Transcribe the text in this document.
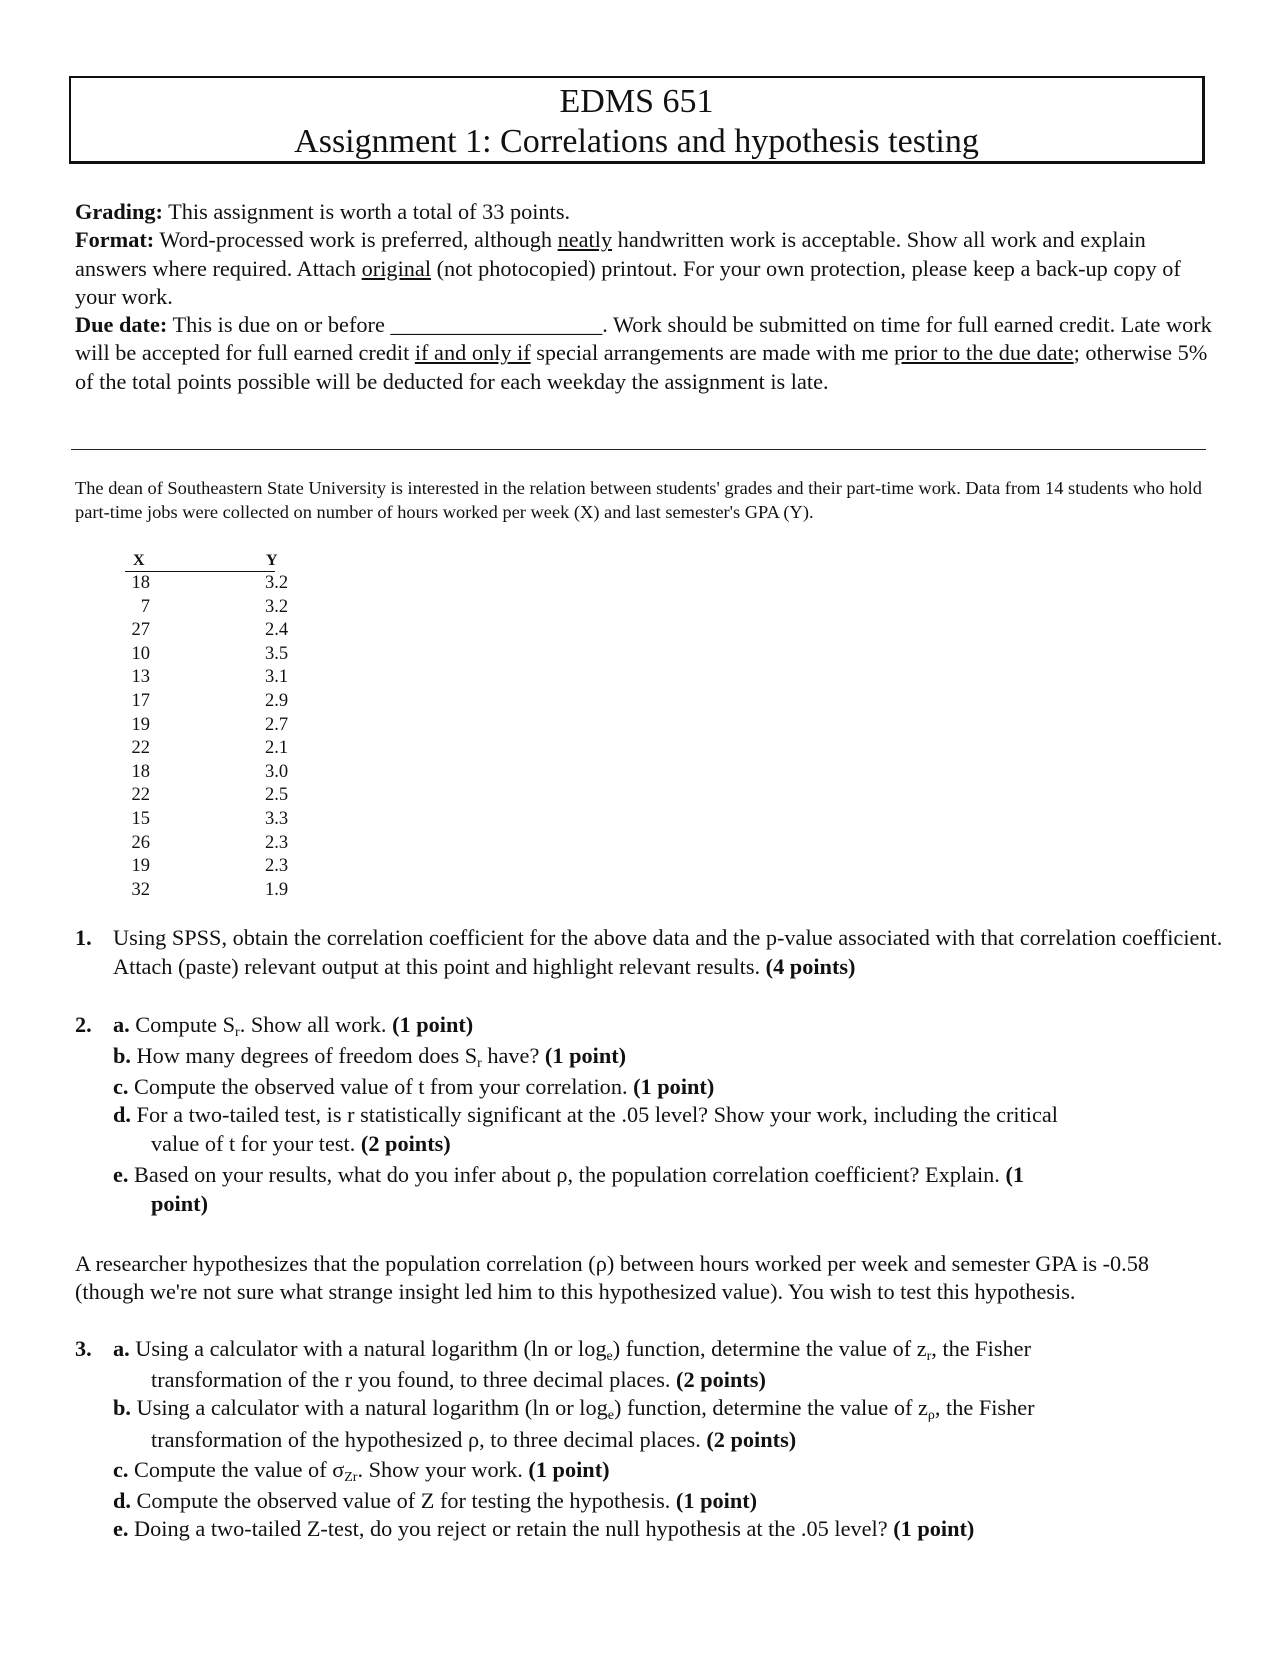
EDMS 651
Assignment 1: Correlations and hypothesis testing

Grading: This assignment is worth a total of 33 points.

Format: Word-processed work is preferred, although neatly handwritten work is acceptable. Show all work and explain answers where required. Attach original (not photocopied) printout. For your own protection, please keep a back-up copy of your work.

Due date: This is due on or before ___________________. Work should be submitted on time for full earned credit. Late work will be accepted for full earned credit if and only if special arrangements are made with me prior to the due date; otherwise 5% of the total points possible will be deducted for each weekday the assignment is late.

The dean of Southeastern State University is interested in the relation between students' grades and their part-time work. Data from 14 students who hold part-time jobs were collected on number of hours worked per week (X) and last semester's GPA (Y).
X	Y
18	3.2
7	3.2
27	2.4
10	3.5
13	3.1
17	2.9
19	2.7
22	2.1
18	3.0
22	2.5
15	3.3
26	2.3
19	2.3
32	1.9
1. Using SPSS, obtain the correlation coefficient for the above data and the p-value associated with that correlation coefficient. Attach (paste) relevant output at this point and highlight relevant results. (4 points)
2. a. Compute Sr. Show all work. (1 point)
b. How many degrees of freedom does Sr have? (1 point)
c. Compute the observed value of t from your correlation. (1 point)
d. For a two-tailed test, is r statistically significant at the .05 level? Show your work, including the critical
value of t for your test. (2 points)
e. Based on your results, what do you infer about ρ, the population correlation coefficient? Explain. (1
point)
A researcher hypothesizes that the population correlation (ρ) between hours worked per week and semester GPA is -0.58 (though we're not sure what strange insight led him to this hypothesized value). You wish to test this hypothesis.
3. a. Using a calculator with a natural logarithm (ln or loge) function, determine the value of zr, the Fisher
transformation of the r you found, to three decimal places. (2 points)
b. Using a calculator with a natural logarithm (ln or loge) function, determine the value of zρ, the Fisher
transformation of the hypothesized ρ, to three decimal places. (2 points)
c. Compute the value of σZr. Show your work. (1 point)
d. Compute the observed value of Z for testing the hypothesis. (1 point)
e. Doing a two-tailed Z-test, do you reject or retain the null hypothesis at the .05 level? (1 point)
